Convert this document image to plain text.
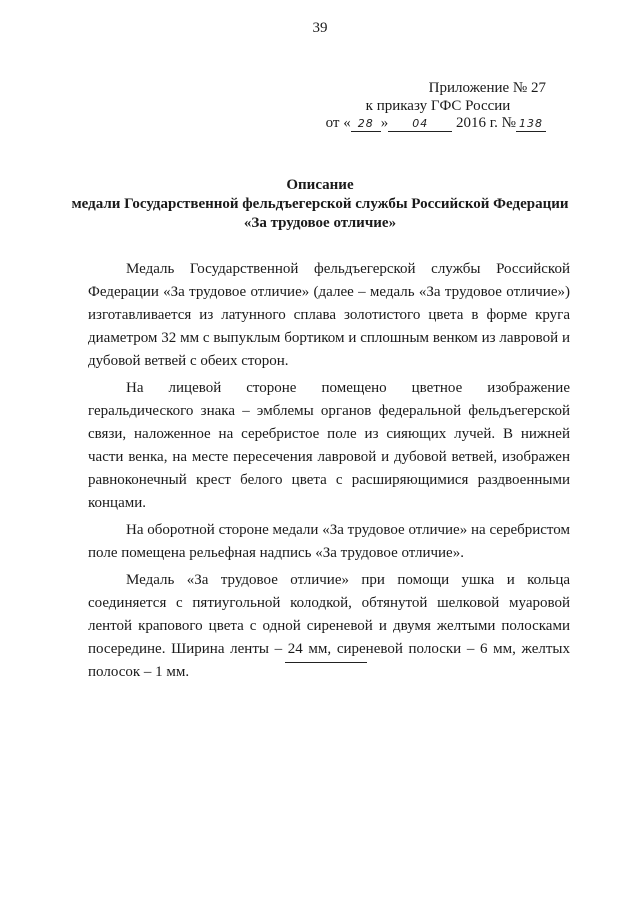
39
Приложение № 27
к приказу ГФС России
от « 28 » 04 2016 г. № 138
Описание
медали Государственной фельдъегерской службы Российской Федерации
«За трудовое отличие»

Медаль Государственной фельдъегерской службы Российской Федерации «За трудовое отличие» (далее – медаль «За трудовое отличие») изготавливается из латунного сплава золотистого цвета в форме круга диаметром 32 мм с выпуклым бортиком и сплошным венком из лавровой и дубовой ветвей с обеих сторон.

На лицевой стороне помещено цветное изображение геральдического знака – эмблемы органов федеральной фельдъегерской связи, наложенное на серебристое поле из сияющих лучей. В нижней части венка, на месте пересечения лавровой и дубовой ветвей, изображен равноконечный крест белого цвета с расширяющимися раздвоенными концами.

На оборотной стороне медали «За трудовое отличие» на серебристом поле помещена рельефная надпись «За трудовое отличие».

Медаль «За трудовое отличие» при помощи ушка и кольца соединяется с пятиугольной колодкой, обтянутой шелковой муаровой лентой крапового цвета с одной сиреневой и двумя желтыми полосками посередине. Ширина ленты – 24 мм, сиреневой полоски – 6 мм, желтых полосок – 1 мм.
